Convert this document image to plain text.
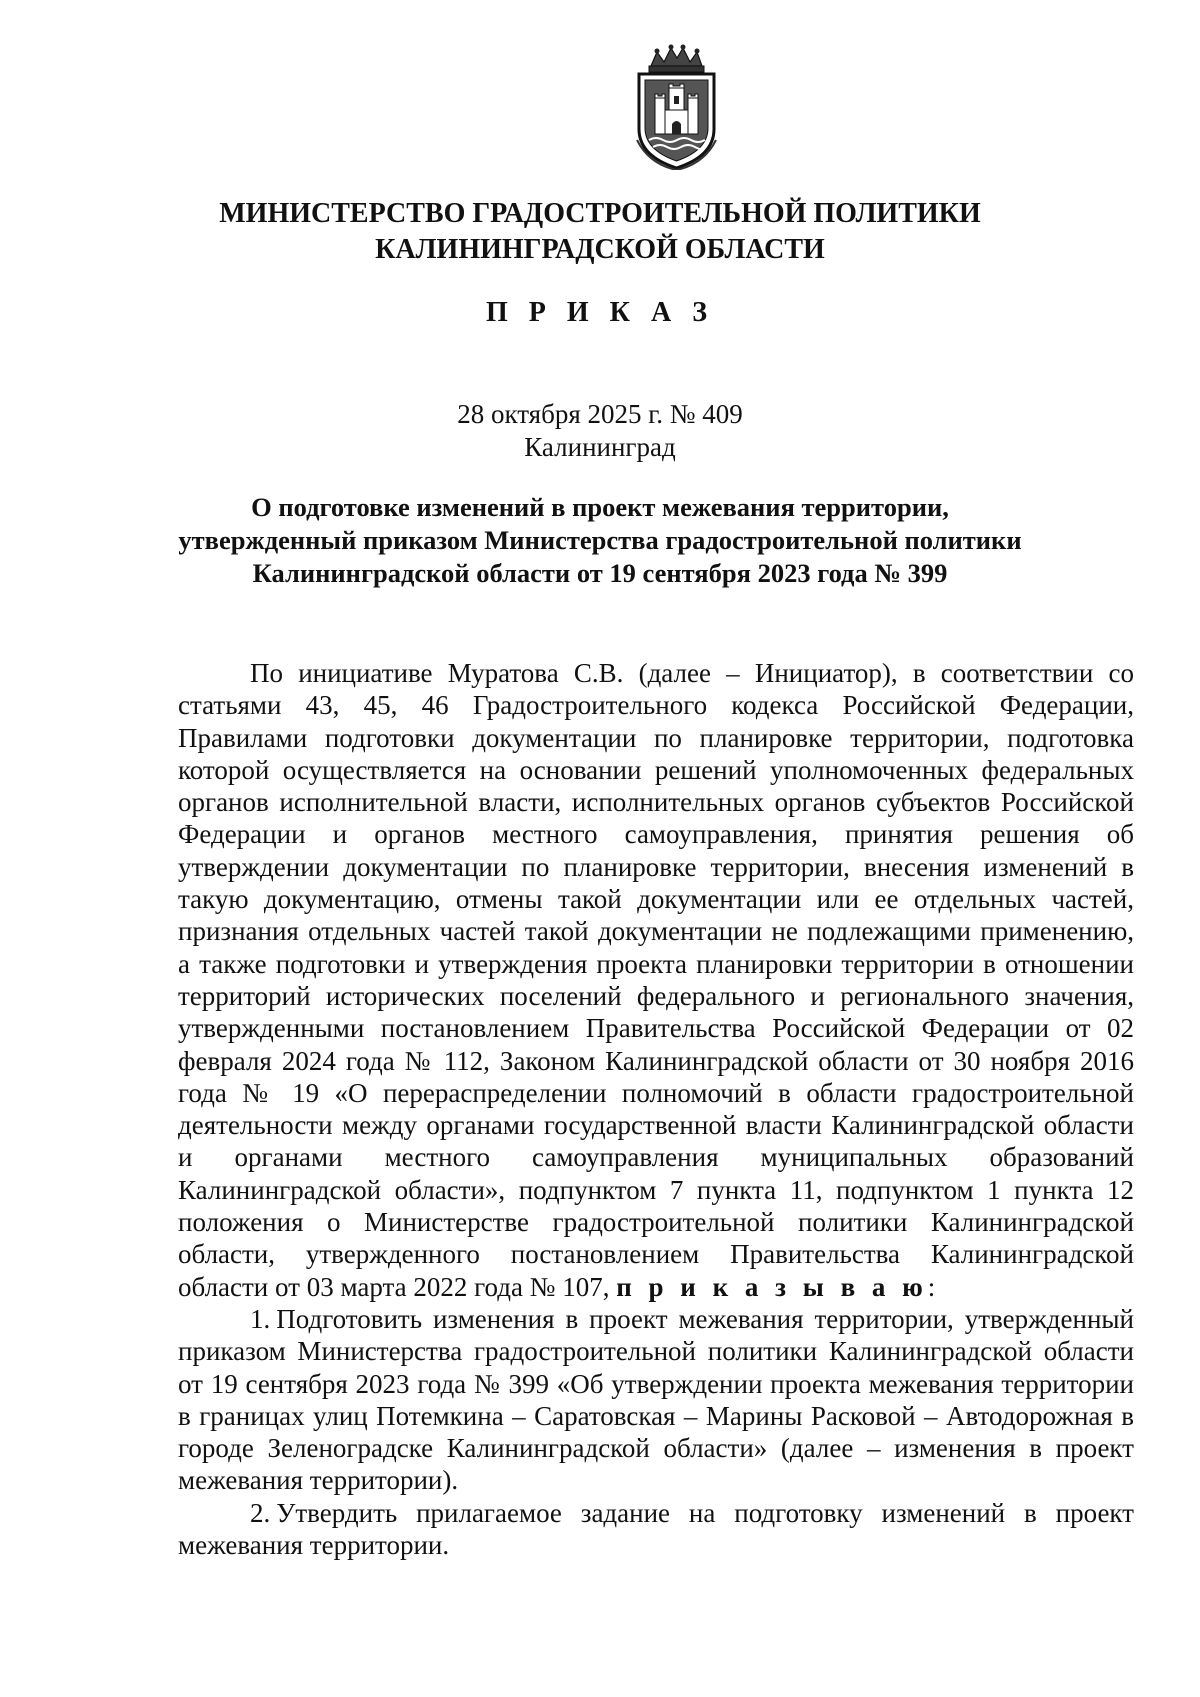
МИНИСТЕРСТВО ГРАДОСТРОИТЕЛЬНОЙ ПОЛИТИКИ
КАЛИНИНГРАДСКОЙ ОБЛАСТИ
П Р И К А З
28 октября 2025 г. № 409
Калининград
О подготовке изменений в проект межевания территории,
утвержденный приказом Министерства градостроительной политики
Калининградской области от 19 сентября 2023 года № 399

По инициативе Муратова С.В. (далее – Инициатор), в соответствии со статьями 43, 45, 46 Градостроительного кодекса Российской Федерации, Правилами подготовки документации по планировке территории, подготовка которой осуществляется на основании решений уполномоченных федеральных органов исполнительной власти, исполнительных органов субъектов Российской Федерации и органов местного самоуправления, принятия решения об утверждении документации по планировке территории, внесения изменений в такую документацию, отмены такой документации или ее отдельных частей, признания отдельных частей такой документации не подлежащими применению, а также подготовки и утверждения проекта планировки территории в отношении территорий исторических поселений федерального и регионального значения, утвержденными постановлением Правительства Российской Федерации от 02 февраля 2024 года № 112, Законом Калининградской области от 30 ноября 2016 года № 19 «О перераспределении полномочий в области градостроительной деятельности между органами государственной власти Калининградской области и органами местного самоуправления муниципальных образований Калининградской области», подпунктом 7 пункта 11, подпунктом 1 пункта 12 положения о Министерстве градостроительной политики Калининградской области, утвержденного постановлением Правительства Калининградской области от 03 марта 2022 года № 107, п р и к а з ы в а ю:

1. Подготовить изменения в проект межевания территории, утвержденный приказом Министерства градостроительной политики Калининградской области от 19 сентября 2023 года № 399 «Об утверждении проекта межевания территории в границах улиц Потемкина – Саратовская – Марины Расковой – Автодорожная в городе Зеленоградске Калининградской области» (далее – изменения в проект межевания территории).

2. Утвердить прилагаемое задание на подготовку изменений в проект межевания территории.
